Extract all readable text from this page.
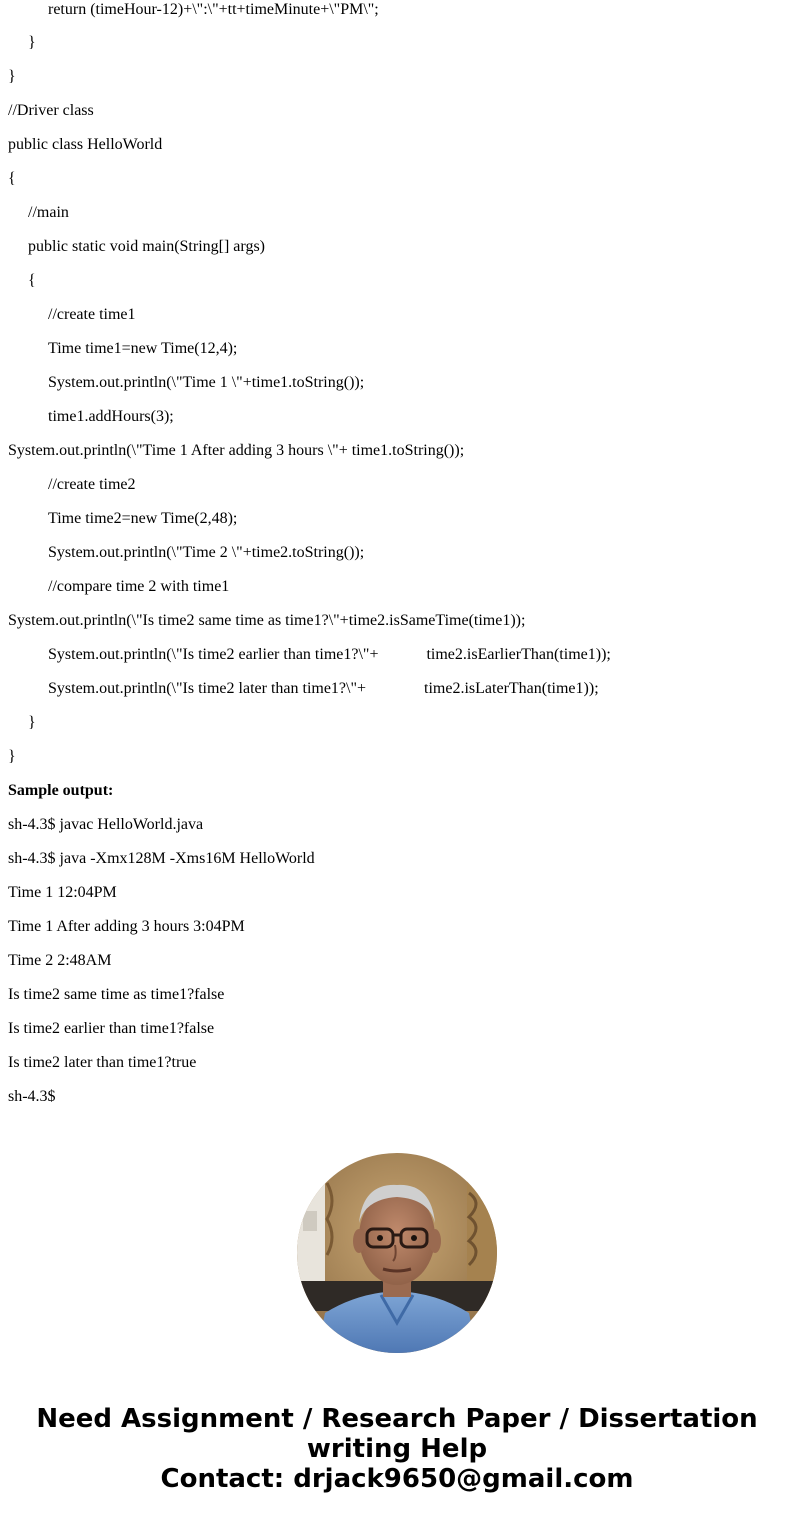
return (timeHour-12)+\":\"+tt+timeMinute+\"PM\";
}
}
//Driver class
public class HelloWorld
{
//main
public static void main(String[] args)
{
//create time1
Time time1=new Time(12,4);
System.out.println(\"Time 1 \"+time1.toString());
time1.addHours(3);
System.out.println(\"Time 1 After adding 3 hours \"+ time1.toString());
//create time2
Time time2=new Time(2,48);
System.out.println(\"Time 2 \"+time2.toString());
//compare time 2 with time1
System.out.println(\"Is time2 same time as time1?\"+time2.isSameTime(time1));
System.out.println(\"Is time2 earlier than time1?\"+	time2.isEarlierThan(time1));
System.out.println(\"Is time2 later than time1?\"+	time2.isLaterThan(time1));
}
}
Sample output:
sh-4.3$ javac HelloWorld.java
sh-4.3$ java -Xmx128M -Xms16M HelloWorld
Time 1 12:04PM
Time 1 After adding 3 hours 3:04PM
Time 2 2:48AM
Is time2 same time as time1?false
Is time2 earlier than time1?false
Is time2 later than time1?true
sh-4.3$
Need Assignment / Research Paper / Dissertation
writing Help
Contact: drjack9650@gmail.com
